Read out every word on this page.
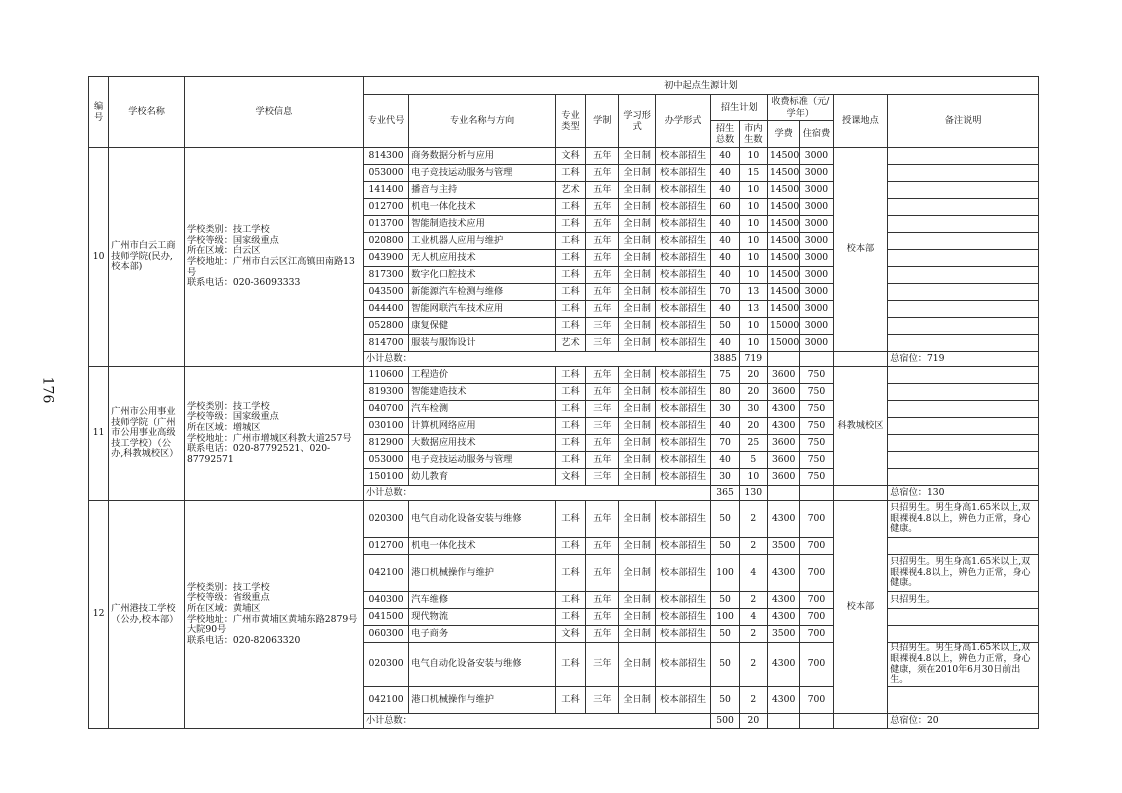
176
编号	学校名称	学校信息	初中起点生源计划											
			专业代号	专业名称与方向	专业类型	学制	学习形式	办学形式	招生计划		收费标准（元/学年）		授课地点	备注说明
									招生总数	市内生数	学费	住宿费		
10	广州市白云工商技师学院(民办,校本部)	学校类别：技工学校
学校等级：国家级重点
所在区域：白云区
学校地址：广州市白云区江高镇田南路13号
联系电话：020-36093333	814300	商务数据分析与应用	文科	五年	全日制	校本部招生	40	10	14500	3000	校本部	
			053000	电子竞技运动服务与管理	工科	五年	全日制	校本部招生	40	15	14500	3000		
			141400	播音与主持	艺术	五年	全日制	校本部招生	40	10	14500	3000		
			012700	机电一体化技术	工科	五年	全日制	校本部招生	60	10	14500	3000		
			013700	智能制造技术应用	工科	五年	全日制	校本部招生	40	10	14500	3000		
			020800	工业机器人应用与维护	工科	五年	全日制	校本部招生	40	10	14500	3000		
			043900	无人机应用技术	工科	五年	全日制	校本部招生	40	10	14500	3000		
			817300	数字化口腔技术	工科	五年	全日制	校本部招生	40	10	14500	3000		
			043500	新能源汽车检测与维修	工科	五年	全日制	校本部招生	70	13	14500	3000		
			044400	智能网联汽车技术应用	工科	五年	全日制	校本部招生	40	13	14500	3000		
			052800	康复保健	工科	三年	全日制	校本部招生	50	10	15000	3000		
			814700	服装与服饰设计	艺术	三年	全日制	校本部招生	40	10	15000	3000		
			小计总数：						3885	719				总宿位：719
11	广州市公用事业技师学院（广州市公用事业高级技工学校）（公办,科教城校区）	学校类别：技工学校
学校等级：国家级重点
所在区域：增城区
学校地址：广州市增城区科教大道257号
联系电话：020-87792521、020-87792571	110600	工程造价	工科	五年	全日制	校本部招生	75	20	3600	750	科教城校区	
			819300	智能建造技术	工科	五年	全日制	校本部招生	80	20	3600	750		
			040700	汽车检测	工科	三年	全日制	校本部招生	30	30	4300	750		
			030100	计算机网络应用	工科	三年	全日制	校本部招生	40	20	4300	750		
			812900	大数据应用技术	工科	五年	全日制	校本部招生	70	25	3600	750		
			053000	电子竞技运动服务与管理	工科	五年	全日制	校本部招生	40	5	3600	750		
			150100	幼儿教育	文科	三年	全日制	校本部招生	30	10	3600	750		
			小计总数：						365	130				总宿位：130
12	广州港技工学校（公办,校本部）	学校类别：技工学校
学校等级：省级重点
所在区域：黄埔区
学校地址：广州市黄埔区黄埔东路2879号大院90号
联系电话：020-82063320	020300	电气自动化设备安装与维修	工科	五年	全日制	校本部招生	50	2	4300	700	校本部	只招男生。男生身高1.65米以上,双眼裸视4.8以上，辨色力正常，身心健康。
			012700	机电一体化技术	工科	五年	全日制	校本部招生	50	2	3500	700		
			042100	港口机械操作与维护	工科	五年	全日制	校本部招生	100	4	4300	700		只招男生。男生身高1.65米以上,双眼裸视4.8以上，辨色力正常，身心健康。
			040300	汽车维修	工科	五年	全日制	校本部招生	50	2	4300	700		只招男生。
			041500	现代物流	工科	五年	全日制	校本部招生	100	4	4300	700		
			060300	电子商务	文科	五年	全日制	校本部招生	50	2	3500	700		
			020300	电气自动化设备安装与维修	工科	三年	全日制	校本部招生	50	2	4300	700		只招男生。男生身高1.65米以上,双眼裸视4.8以上，辨色力正常，身心健康，须在2010年6月30日前出生。
			042100	港口机械操作与维护	工科	三年	全日制	校本部招生	50	2	4300	700		
			小计总数：						500	20				总宿位：20
